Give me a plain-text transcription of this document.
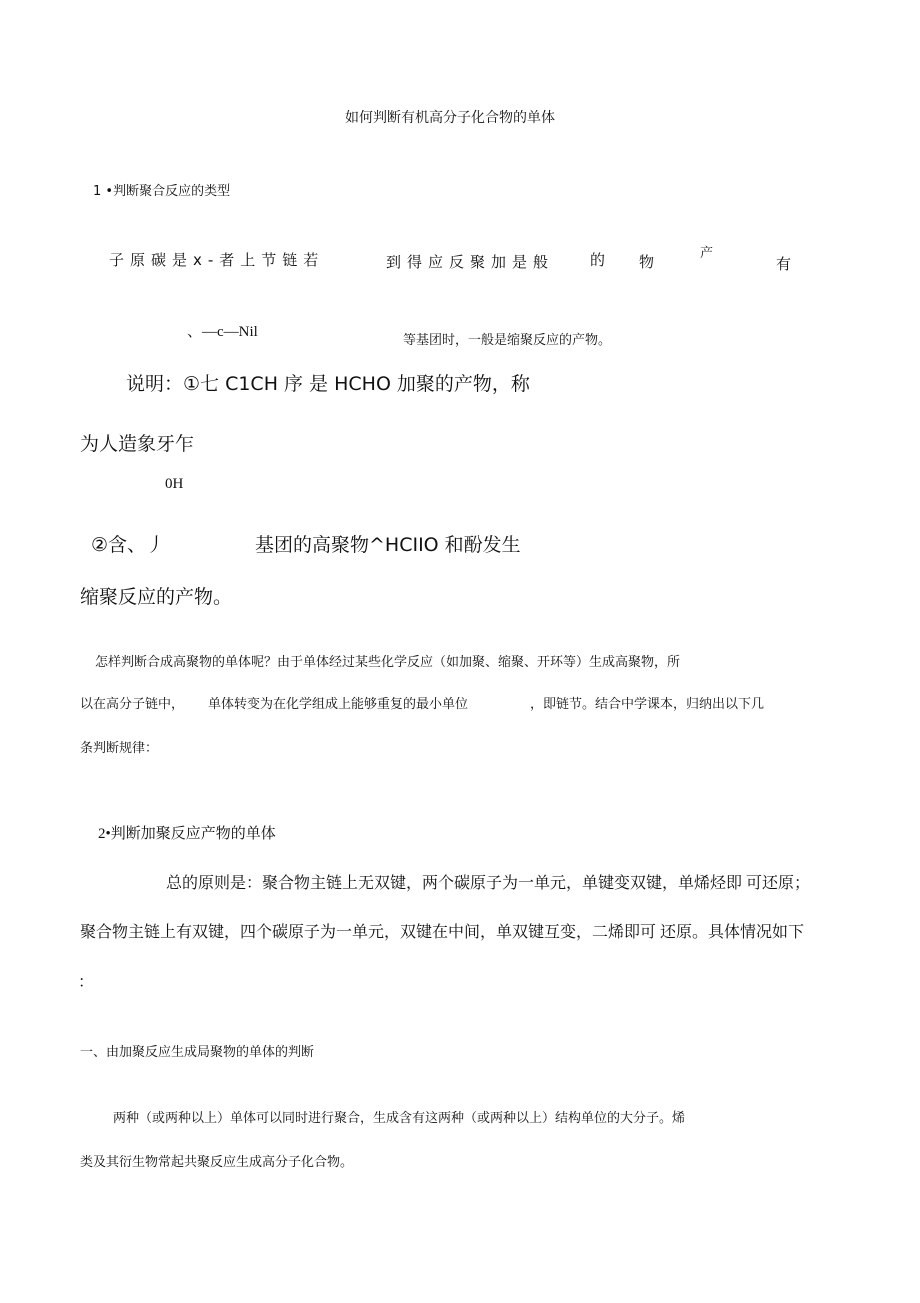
如何判断有机高分子化合物的单体
1 •判断聚合反应的类型
子原碳是ⅹ-者上节链若	到得应反聚加是般 的 物	产
有
、—c—Nil
等基团时，一般是缩聚反应的产物。
说明：①七 C1CH 序 是 HCHO 加聚的产物，称
为人造象牙乍
0H
②含、丿	基团的高聚物^HCIIO 和酚发生
缩聚反应的产物。
怎样判断合成高聚物的单体呢？由于单体经过某些化学反应（如加聚、缩聚、开环等）生成高聚物，所
以在高分子链中， 单体转变为在化学组成上能够重复的最小单位	，即链节。结合中学课本，归纳出以下几
条判断规律：
2•判断加聚反应产物的单体
总的原则是：聚合物主链上无双键，两个碳原子为一单元，单键变双键，单烯烃即 可还原；
聚合物主链上有双键，四个碳原子为一单元，双键在中间，单双键互变，二烯即可 还原。具体情况如下
：
一、由加聚反应生成局聚物的单体的判断
两种（或两种以上）单体可以同时进行聚合，生成含有这两种（或两种以上）结构单位的大分子。烯
类及其衍生物常起共聚反应生成高分子化合物。
